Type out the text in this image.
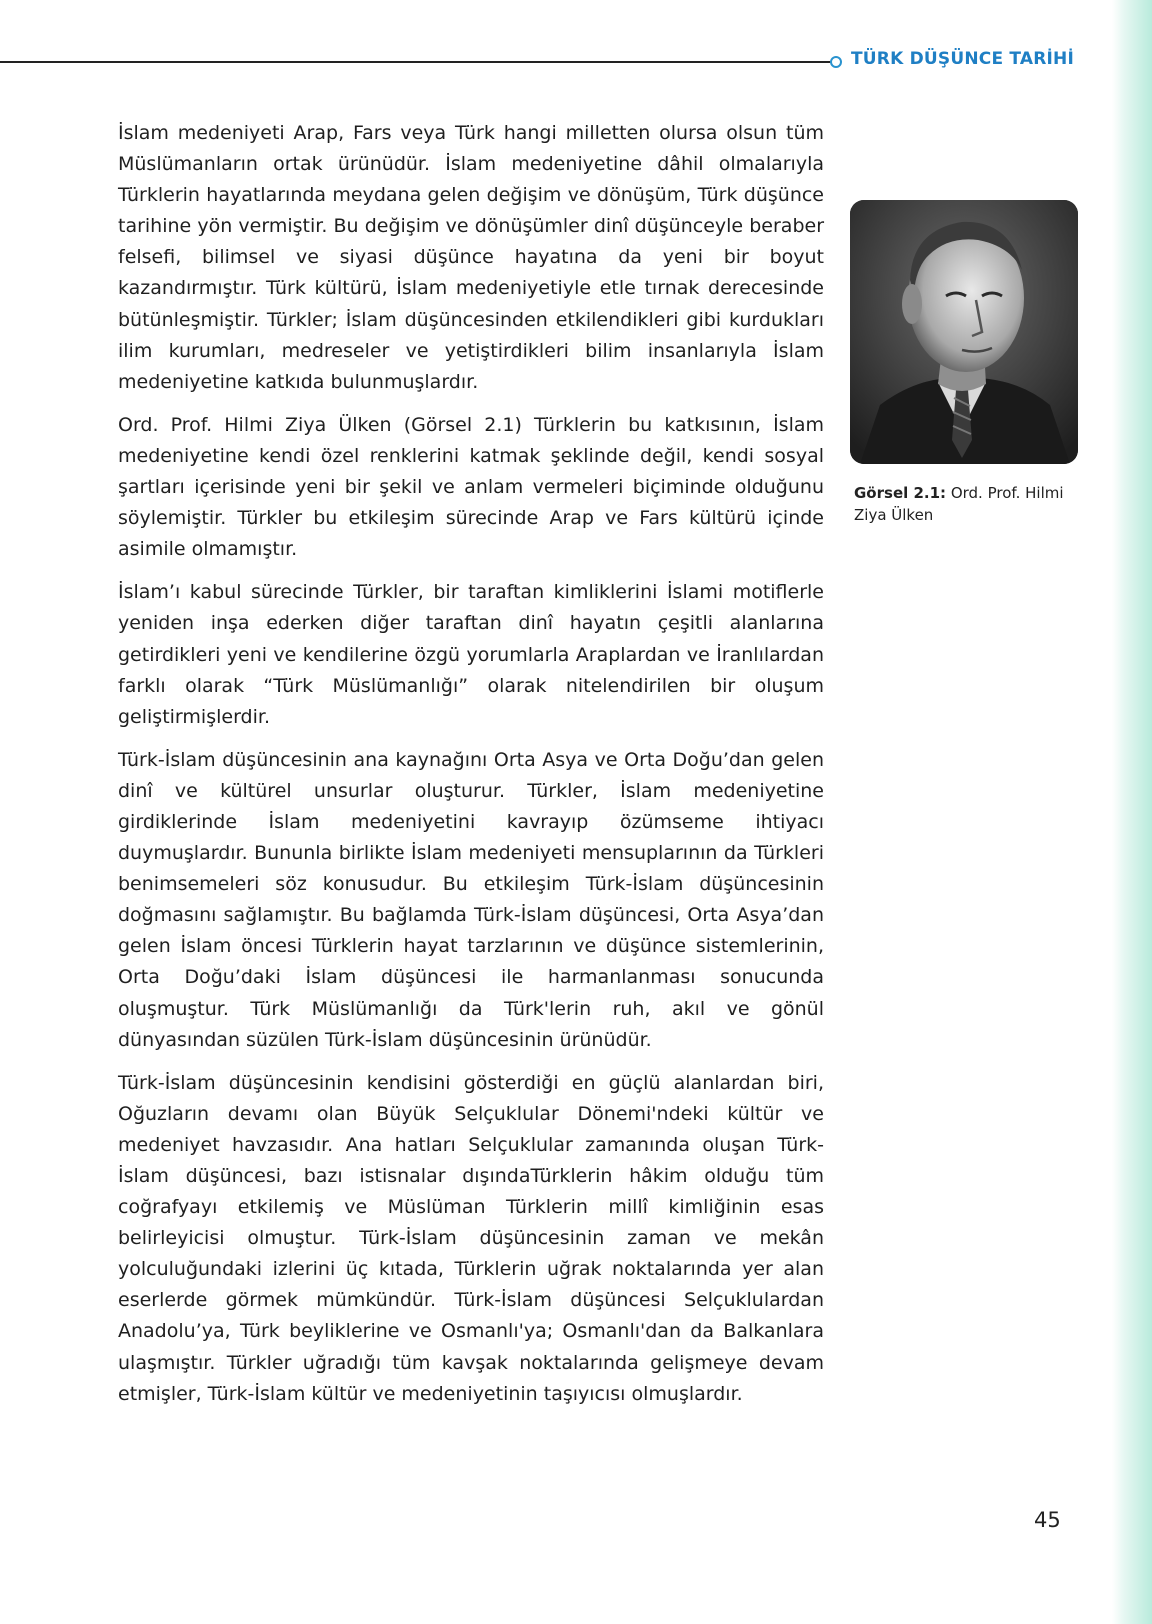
TÜRK DÜŞÜNCE TARİHİ

İslam medeniyeti Arap, Fars veya Türk hangi milletten olursa olsun tüm Müslümanların ortak ürünüdür. İslam medeniyetine dâhil olmalarıyla Türklerin hayatlarında meydana gelen değişim ve dönüşüm, Türk düşünce tarihine yön vermiştir. Bu değişim ve dönüşümler dinî düşünceyle beraber felsefi, bilimsel ve siyasi düşünce hayatına da yeni bir boyut kazandırmıştır. Türk kültürü, İslam medeniyetiyle etle tırnak derecesinde bütünleşmiştir. Türkler; İslam düşüncesinden etkilendikleri gibi kurdukları ilim kurumları, medreseler ve yetiştirdikleri bilim insanlarıyla İslam medeniyetine katkıda bulunmuşlardır.

Ord. Prof. Hilmi Ziya Ülken (Görsel 2.1) Türklerin bu katkısının, İslam medeniyetine kendi özel renklerini katmak şeklinde değil, kendi sosyal şartları içerisinde yeni bir şekil ve anlam vermeleri biçiminde olduğunu söylemiştir. Türkler bu etkileşim sürecinde Arap ve Fars kültürü içinde asimile olmamıştır.

İslam’ı kabul sürecinde Türkler, bir taraftan kimliklerini İslami motiflerle yeniden inşa ederken diğer taraftan dinî hayatın çeşitli alanlarına getirdikleri yeni ve kendilerine özgü yorumlarla Araplardan ve İranlılardan farklı olarak “Türk Müslümanlığı” olarak nitelendirilen bir oluşum geliştirmişlerdir.

Türk-İslam düşüncesinin ana kaynağını Orta Asya ve Orta Doğu’dan gelen dinî ve kültürel unsurlar oluşturur. Türkler, İslam medeniyetine girdiklerinde İslam medeniyetini kavrayıp özümseme ihtiyacı duymuşlardır. Bununla birlikte İslam medeniyeti mensuplarının da Türkleri benimsemeleri söz konusudur. Bu etkileşim Türk-İslam düşüncesinin doğmasını sağlamıştır. Bu bağlamda Türk-İslam düşüncesi, Orta Asya’dan gelen İslam öncesi Türklerin hayat tarzlarının ve düşünce sistemlerinin, Orta Doğu’daki İslam düşüncesi ile harmanlanması sonucunda oluşmuştur. Türk Müslümanlığı da Türk'lerin ruh, akıl ve gönül dünyasından süzülen Türk-İslam düşüncesinin ürünüdür.

Türk-İslam düşüncesinin kendisini gösterdiği en güçlü alanlardan biri, Oğuzların devamı olan Büyük Selçuklular Dönemi'ndeki kültür ve medeniyet havzasıdır. Ana hatları Selçuklular zamanında oluşan Türk-İslam düşüncesi, bazı istisnalar dışındaTürklerin hâkim olduğu tüm coğrafyayı etkilemiş ve Müslüman Türklerin millî kimliğinin esas belirleyicisi olmuştur. Türk-İslam düşüncesinin zaman ve mekân yolculuğundaki izlerini üç kıtada, Türklerin uğrak noktalarında yer alan eserlerde görmek mümkündür. Türk-İslam düşüncesi Selçuklulardan Anadolu’ya, Türk beyliklerine ve Osmanlı'ya; Osmanlı'dan da Balkanlara ulaşmıştır. Türkler uğradığı tüm kavşak noktalarında gelişmeye devam etmişler, Türk-İslam kültür ve medeniyetinin taşıyıcısı olmuşlardır.

Görsel 2.1: Ord. Prof. Hilmi Ziya Ülken
45
